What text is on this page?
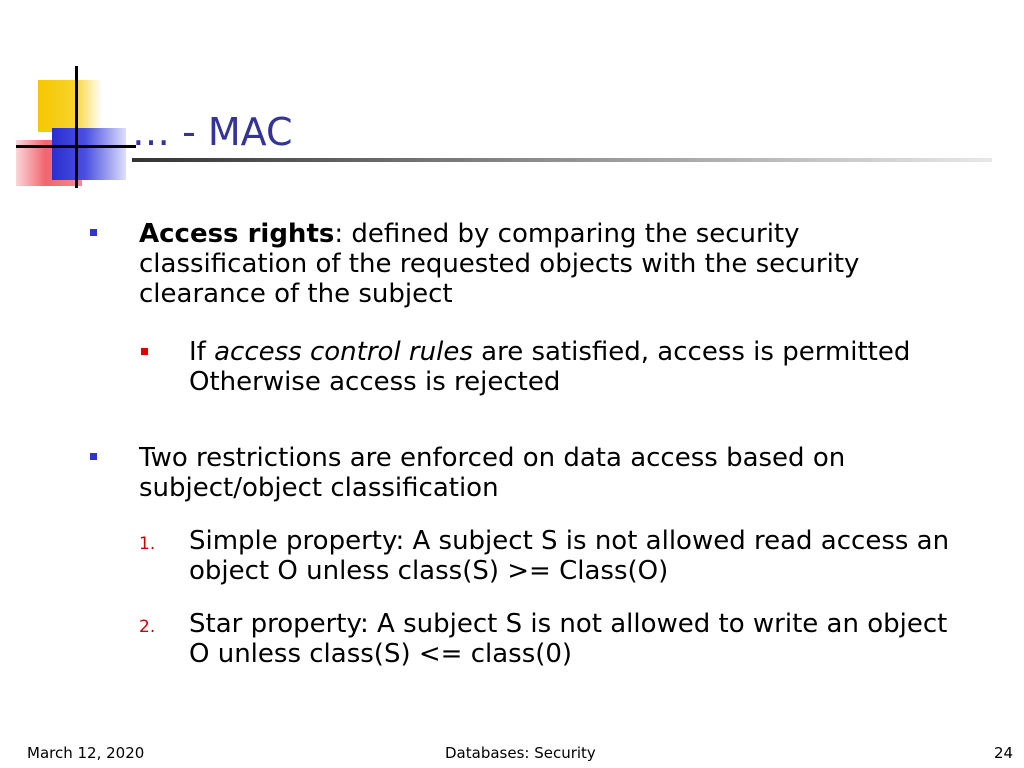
… - MAC
Access rights: defined by comparing the security
classification of the requested objects with the security
clearance of the subject
If access control rules are satisfied, access is permitted
Otherwise access is rejected
Two restrictions are enforced on data access based on
subject/object classification
1. Simple property: A subject S is not allowed read access an
object O unless class(S) >= Class(O)
2. Star property: A subject S is not allowed to write an object
O unless class(S) <= class(0)
March 12, 2020	Databases: Security	24
